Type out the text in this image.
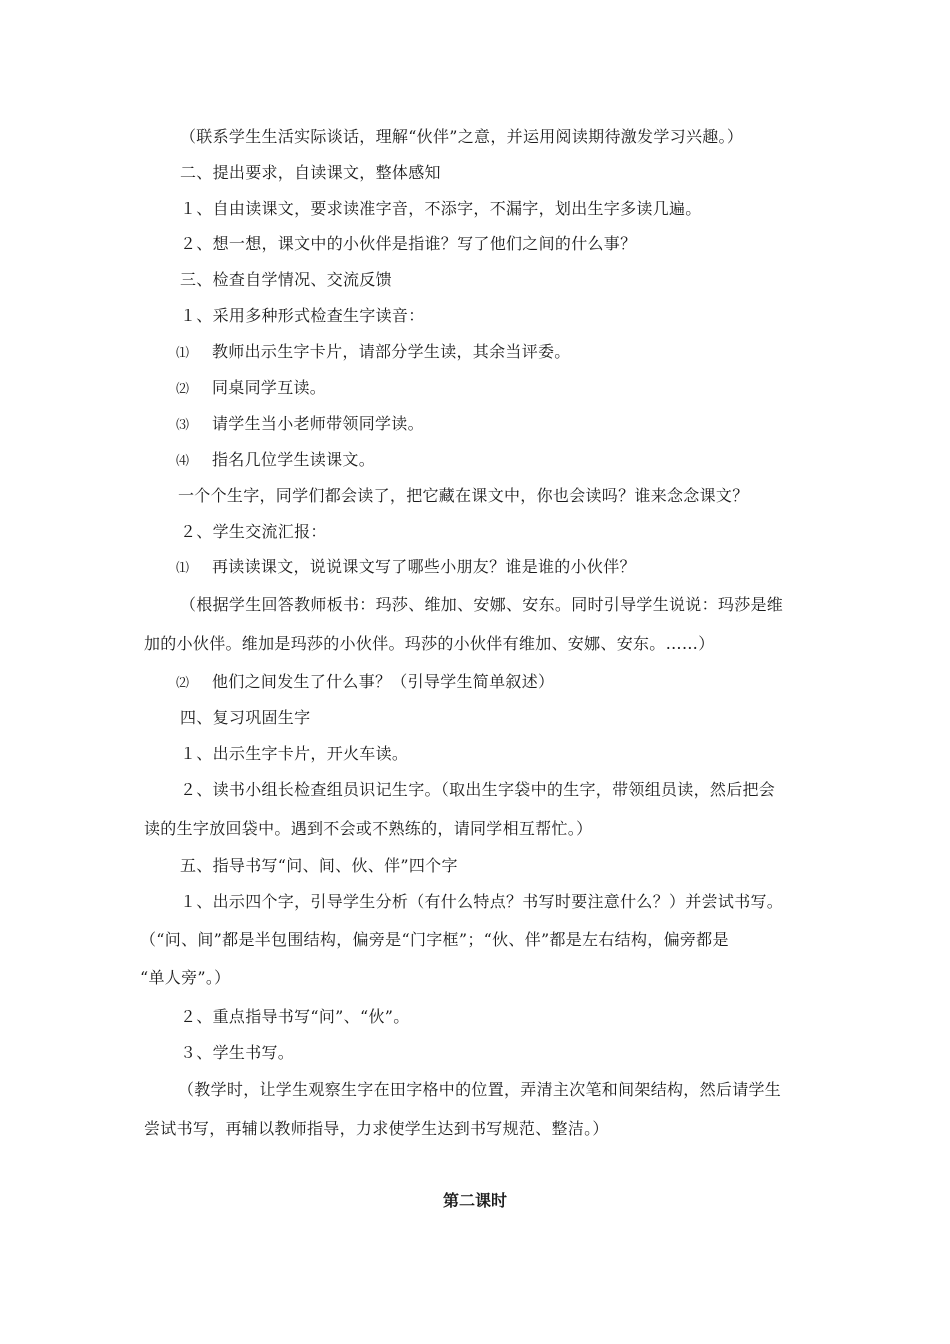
（联系学生生活实际谈话，理解“伙伴”之意，并运用阅读期待激发学习兴趣。）
二、提出要求，自读课文，整体感知
１、自由读课文，要求读准字音，不添字，不漏字，划出生字多读几遍。
２、想一想，课文中的小伙伴是指谁？写了他们之间的什么事？
三、检查自学情况、交流反馈
１、采用多种形式检查生字读音：
⑴ 教师出示生字卡片，请部分学生读，其余当评委。
⑵ 同桌同学互读。
⑶ 请学生当小老师带领同学读。
⑷ 指名几位学生读课文。
一个个生字，同学们都会读了，把它藏在课文中，你也会读吗？谁来念念课文？
２、学生交流汇报：
⑴ 再读读课文，说说课文写了哪些小朋友？谁是谁的小伙伴？
（根据学生回答教师板书：玛莎、维加、安娜、安东。同时引导学生说说：玛莎是维
加的小伙伴。维加是玛莎的小伙伴。玛莎的小伙伴有维加、安娜、安东。……）
⑵ 他们之间发生了什么事？（引导学生简单叙述）
四、复习巩固生字
１、出示生字卡片，开火车读。
２、读书小组长检查组员识记生字。（取出生字袋中的生字，带领组员读，然后把会
读的生字放回袋中。遇到不会或不熟练的，请同学相互帮忙。）
五、指导书写“问、间、伙、伴”四个字
１、出示四个字，引导学生分析（有什么特点？书写时要注意什么？）并尝试书写。
（“问、间”都是半包围结构，偏旁是“门字框”；“伙、伴”都是左右结构，偏旁都是
“单人旁”。）
２、重点指导书写“问”、“伙”。
３、学生书写。
（教学时，让学生观察生字在田字格中的位置，弄清主次笔和间架结构，然后请学生
尝试书写，再辅以教师指导，力求使学生达到书写规范、整洁。）
第二课时
